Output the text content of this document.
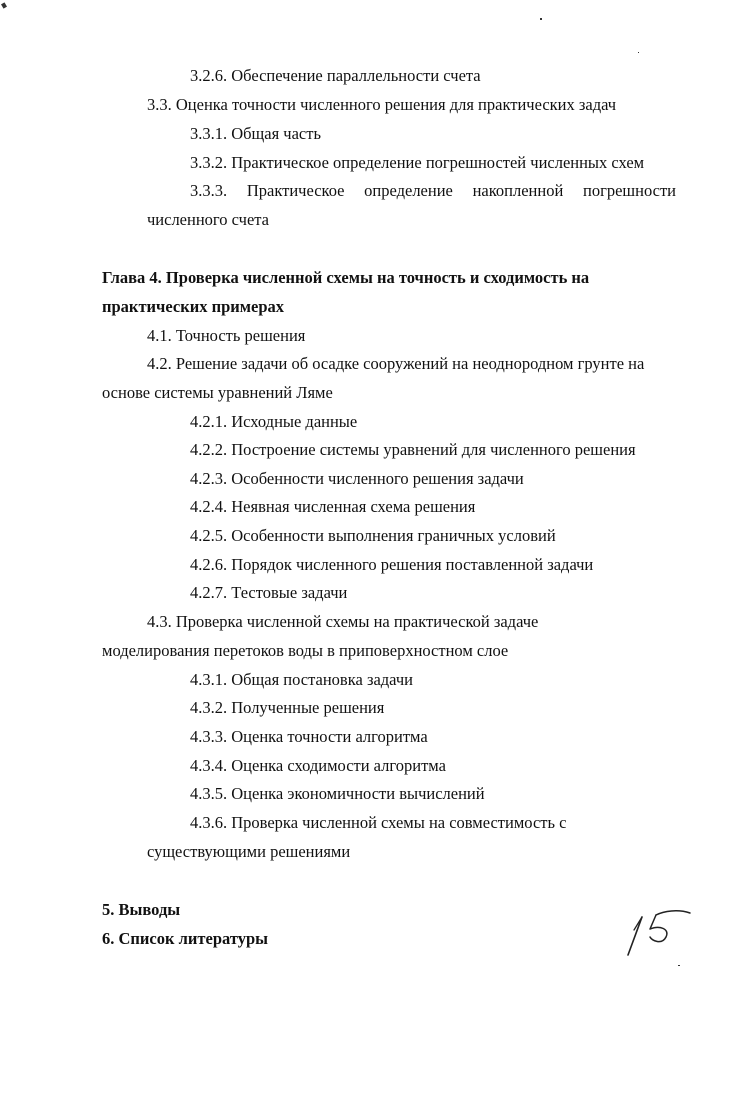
3.2.6. Обеспечение параллельности счета
3.3. Оценка точности численного решения для практических задач
3.3.1. Общая часть
3.3.2. Практическое определение погрешностей численных схем
3.3.3. Практическое определение накопленной погрешности
численного счета
Глава 4. Проверка численной схемы на точность и сходимость на
практических примерах
4.1. Точность решения
4.2. Решение задачи об осадке сооружений на неоднородном грунте на
основе системы уравнений Ляме
4.2.1. Исходные данные
4.2.2. Построение системы уравнений для численного решения
4.2.3. Особенности численного решения задачи
4.2.4. Неявная численная схема решения
4.2.5. Особенности выполнения граничных условий
4.2.6. Порядок численного решения поставленной задачи
4.2.7. Тестовые задачи
4.3. Проверка численной схемы на практической задаче
моделирования перетоков воды в приповерхностном слое
4.3.1. Общая постановка задачи
4.3.2. Полученные решения
4.3.3. Оценка точности алгоритма
4.3.4. Оценка сходимости алгоритма
4.3.5. Оценка экономичности вычислений
4.3.6. Проверка численной схемы на совместимость с
существующими решениями
5. Выводы
6. Список литературы
